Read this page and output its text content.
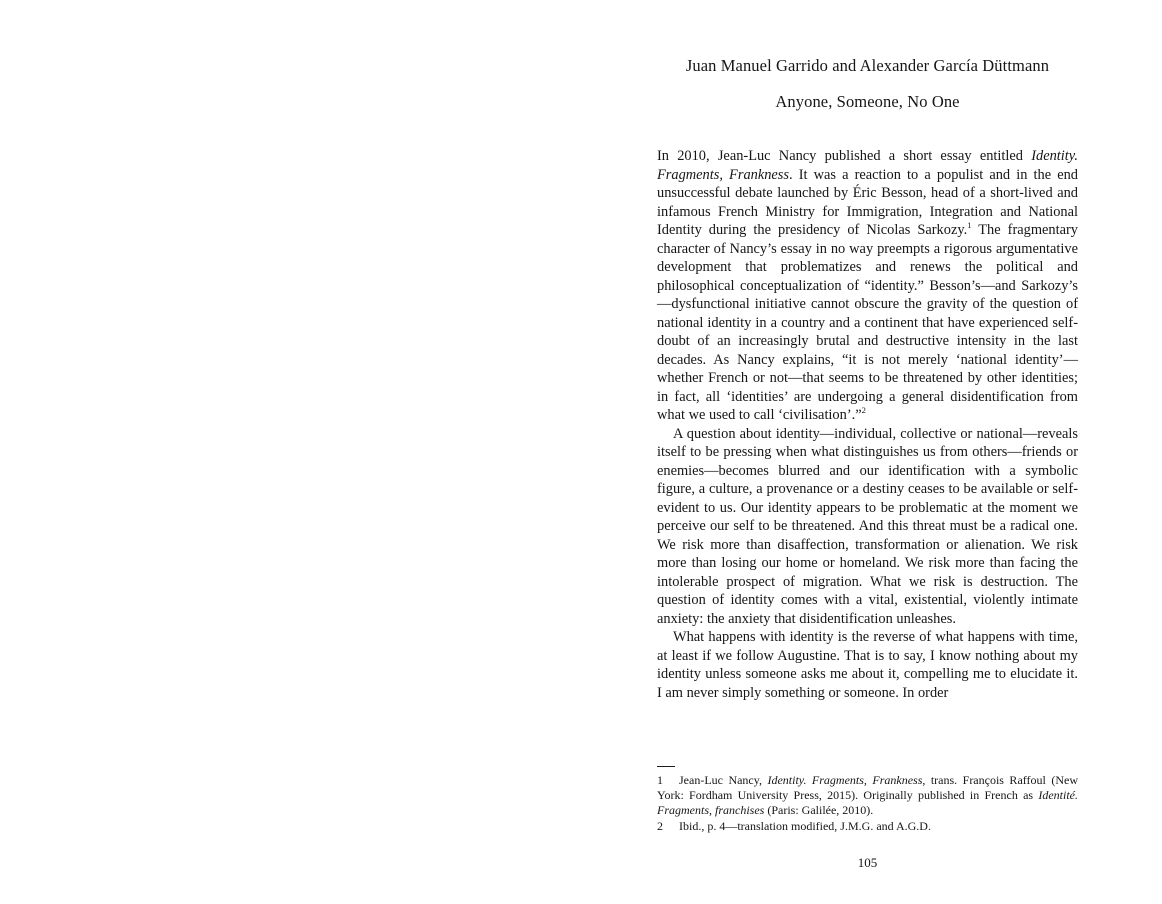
Juan Manuel Garrido and Alexander García Düttmann
Anyone, Someone, No One

In 2010, Jean-Luc Nancy published a short essay entitled Identity. Fragments, Frankness. It was a reaction to a populist and in the end unsuccessful debate launched by Éric Besson, head of a short-lived and infamous French Ministry for Immigration, Integration and National Identity during the presidency of Nicolas Sarkozy.$^1$ The fragmentary character of Nancy’s essay in no way preempts a rigorous argumentative development that problematizes and renews the political and philosophical conceptualization of “identity.” Besson’s—and Sarkozy’s—dysfunctional initiative cannot obscure the gravity of the question of national identity in a country and a continent that have experienced self-doubt of an increasingly brutal and destructive intensity in the last decades. As Nancy explains, “it is not merely ‘national identity’—whether French or not—that seems to be threatened by other identities; in fact, all ‘identities’ are undergoing a general disidentification from what we used to call ‘civilisation’.”$^2$

A question about identity—individual, collective or national—reveals itself to be pressing when what distinguishes us from others—friends or enemies—becomes blurred and our identification with a symbolic figure, a culture, a provenance or a destiny ceases to be available or self-evident to us. Our identity appears to be problematic at the moment we perceive our self to be threatened. And this threat must be a radical one. We risk more than disaffection, transformation or alienation. We risk more than losing our home or homeland. We risk more than facing the intolerable prospect of migration. What we risk is destruction. The question of identity comes with a vital, existential, violently intimate anxiety: the anxiety that disidentification unleashes.

What happens with identity is the reverse of what happens with time, at least if we follow Augustine. That is to say, I know nothing about my identity unless someone asks me about it, compelling me to elucidate it. I am never simply something or someone. In order

1 Jean-Luc Nancy, Identity. Fragments, Frankness, trans. François Raffoul (New York: Fordham University Press, 2015). Originally published in French as Identité. Fragments, franchises (Paris: Galilée, 2010).

2 Ibid., p. 4—translation modified, J.M.G. and A.G.D.

105
